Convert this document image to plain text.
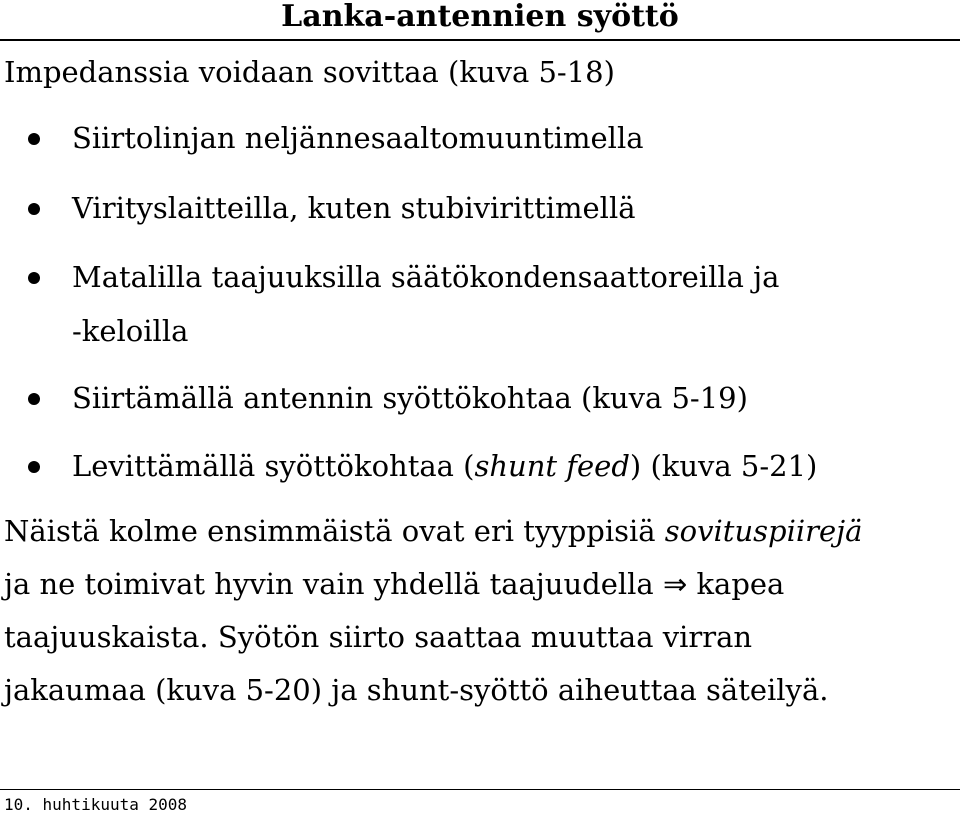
Lanka-antennien syöttö
Impedanssia voidaan sovittaa (kuva 5-18)
Siirtolinjan neljännesaaltomuuntimella
Virityslaitteilla, kuten stubivirittimellä
Matalilla taajuuksilla säätökondensaattoreilla ja
-keloilla
Siirtämällä antennin syöttökohtaa (kuva 5-19)
Levittämällä syöttökohtaa (shunt feed) (kuva 5-21)
Näistä kolme ensimmäistä ovat eri tyyppisiä sovituspiirejä
ja ne toimivat hyvin vain yhdellä taajuudella ⇒ kapea
taajuuskaista. Syötön siirto saattaa muuttaa virran
jakaumaa (kuva 5-20) ja shunt-syöttö aiheuttaa säteilyä.
10. huhtikuuta 2008
